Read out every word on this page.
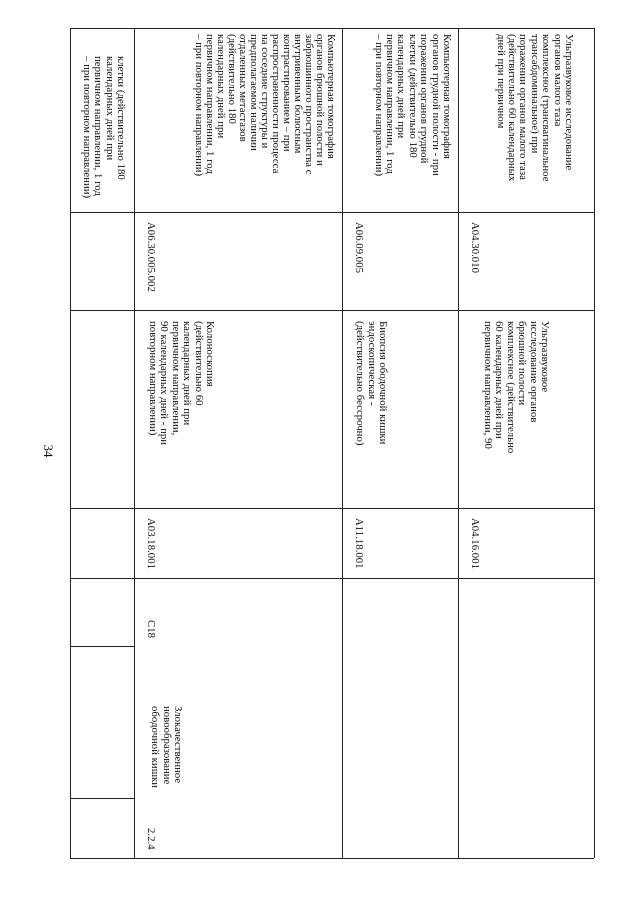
34
клетки (действительно 180
календарных дней при
первичном направлении, 1 год
– при повторном направлении)
2.2.4
Злокачественное
новообразование
ободочной кишки
C18
A03.18.001
Колоноскопия
(действительно 60
календарных дней при
первичном направлении,
90 календарных дней - при
повторном направлении)
A06.30.005.002
Компьютерная томография
органов брюшной полости и
забрюшинного пространства с
внутривенным болюсным
контрастированием – при
распространенности процесса
на соседние структуры и
предполагаемом наличии
отдаленных метастазов
(действительно 180
календарных дней при
первичном направлении, 1 год
– при повторном направлении)
A11.18.001
Биопсия ободочной кишки
эндоскопическая -
(действительно бессрочно)
A06.09.005
Компьютерная томография
органов грудной полости - при
поражении органов грудной
клетки (действительно 180
календарных дней при
первичном направлении, 1 год
– при повторном направлении)
A04.16.001
Ультразвуковое
исследование органов
брюшной полости
комплексное (действительно
60 календарных дней при
первичном направлении, 90
A04.30.010
Ультразвуковое исследование
органов малого таза
комплексное (трансвагинальное
трансабдоминальное) при
поражении органов малого таза
(действительно 60 календарных
дней при первичном
